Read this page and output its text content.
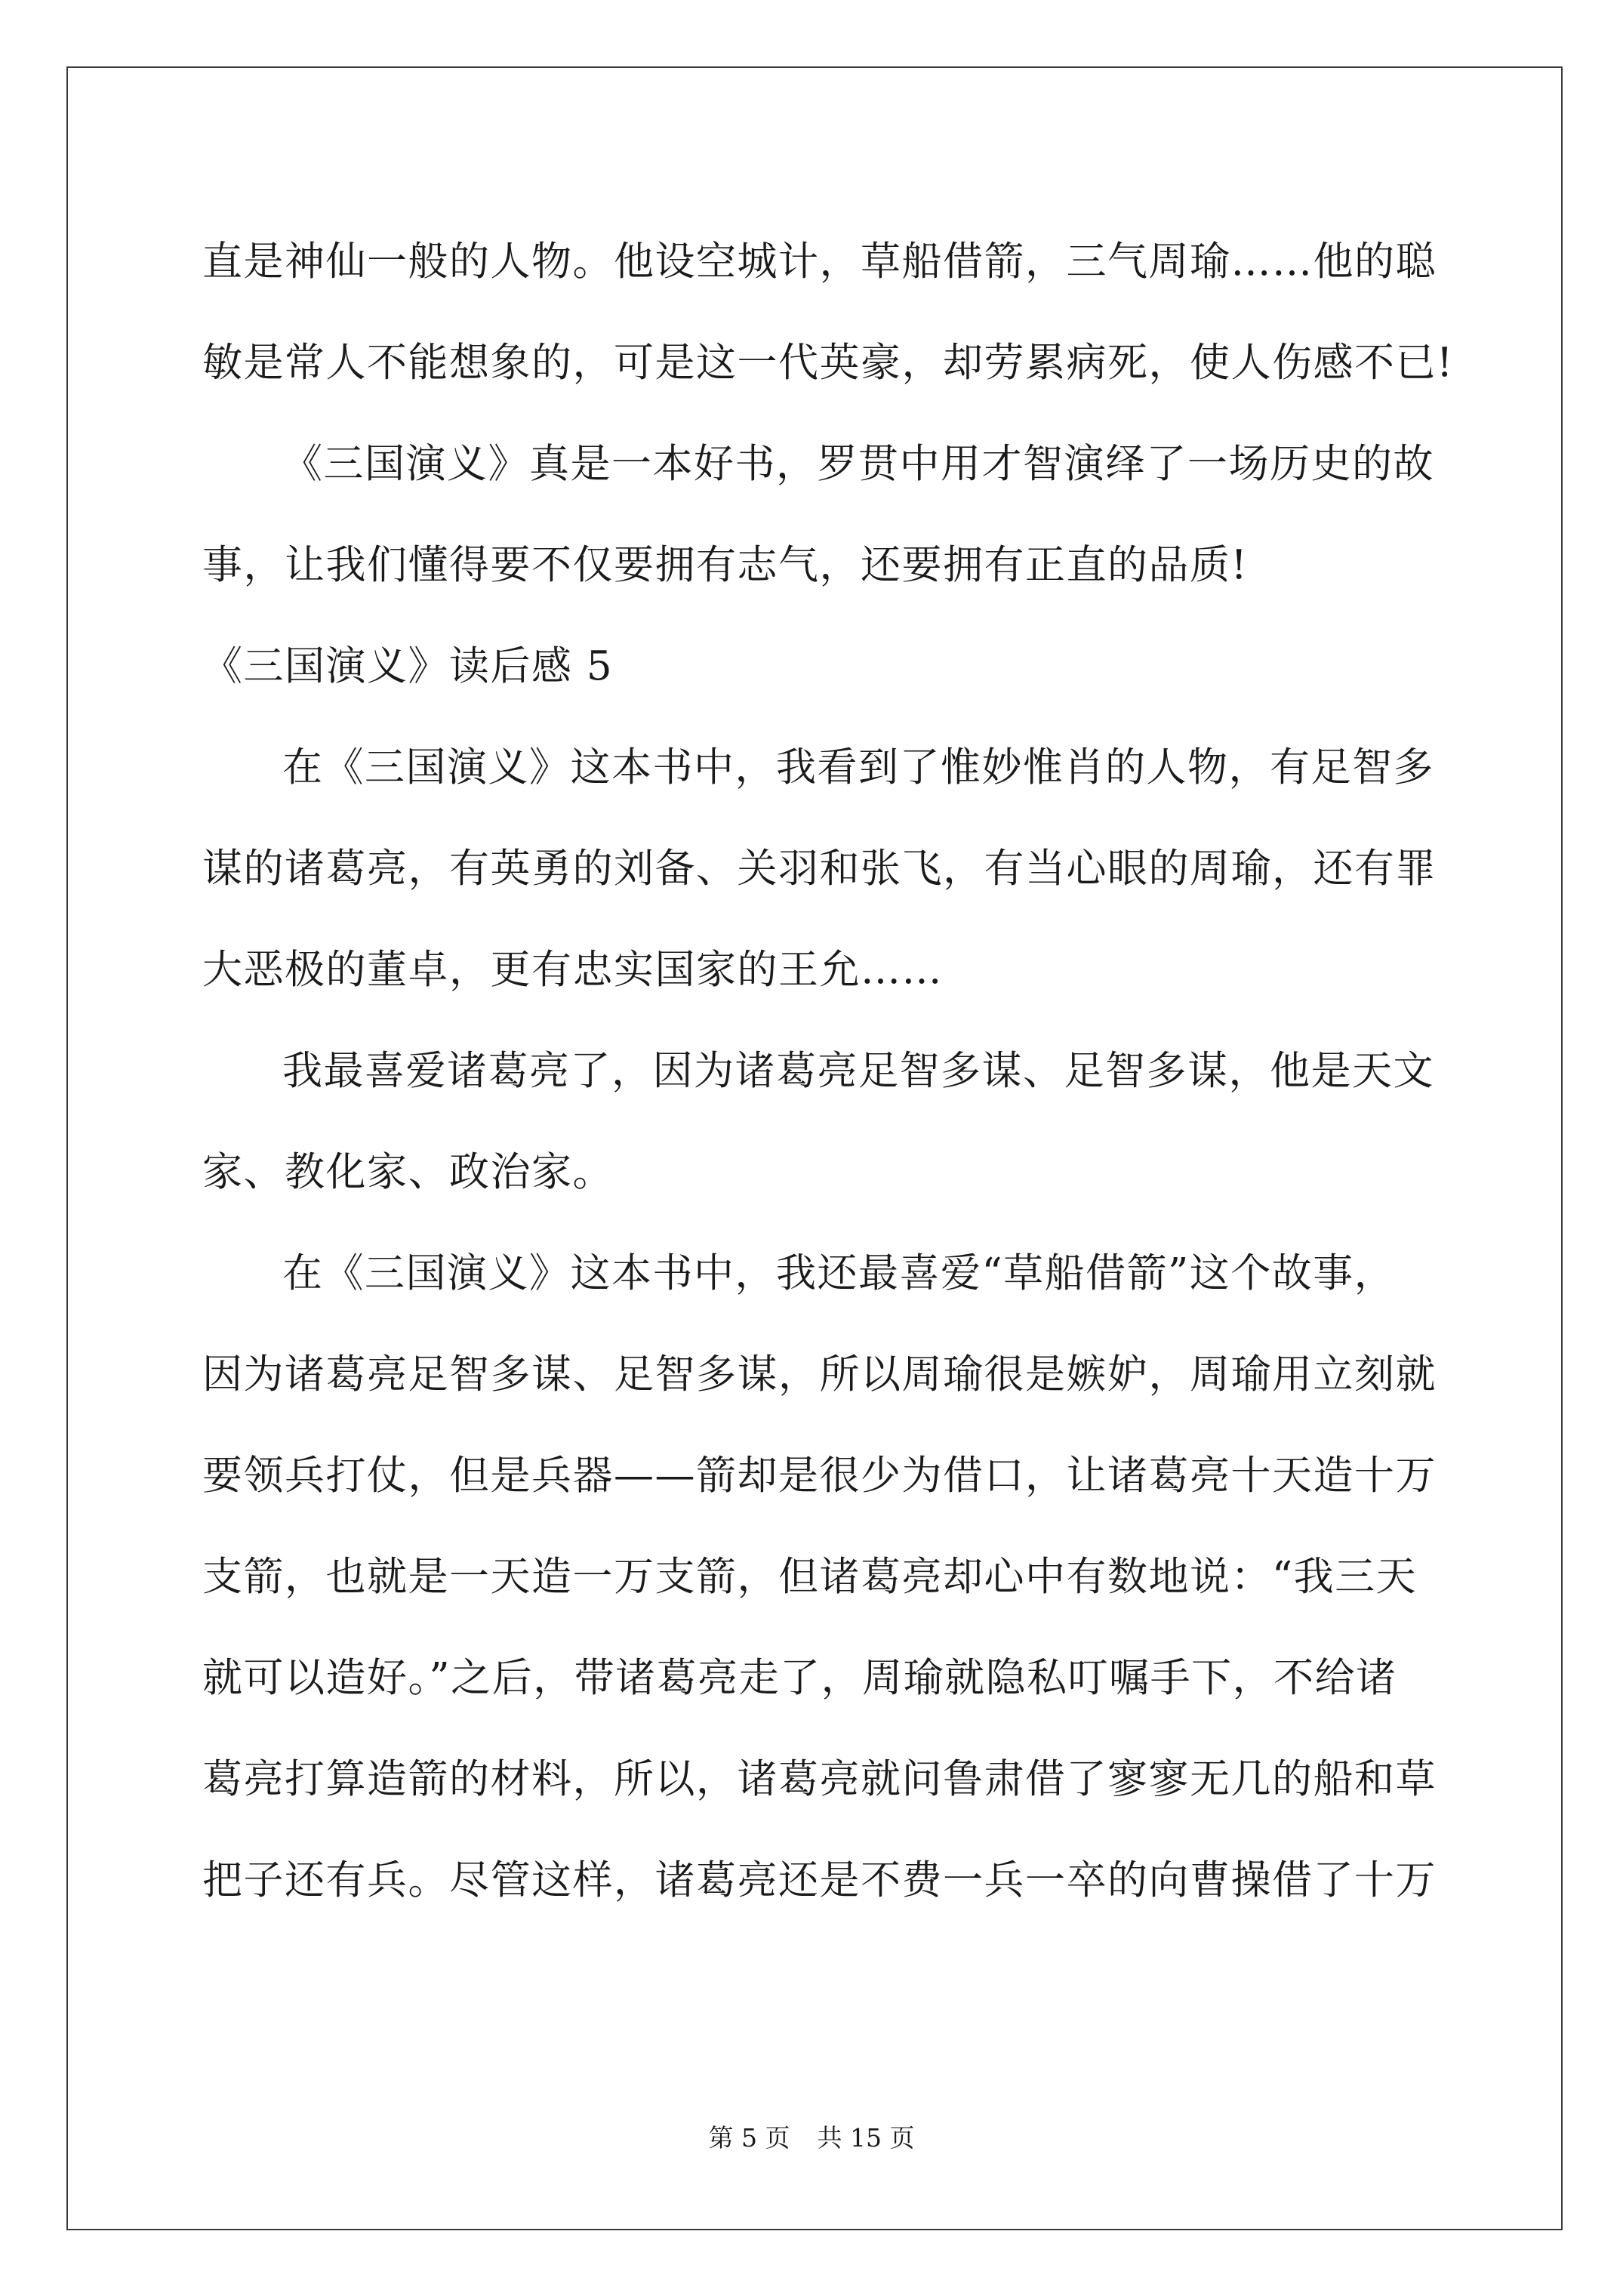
直是神仙一般的人物。他设空城计，草船借箭，三气周瑜……他的聪
敏是常人不能想象的，可是这一代英豪，却劳累病死，使人伤感不已!
《三国演义》真是一本好书，罗贯中用才智演绎了一场历史的故
事，让我们懂得要不仅要拥有志气，还要拥有正直的品质!
《三国演义》读后感 5
在《三国演义》这本书中，我看到了惟妙惟肖的人物，有足智多
谋的诸葛亮，有英勇的刘备、关羽和张飞，有当心眼的周瑜，还有罪
大恶极的董卓，更有忠实国家的王允……
我最喜爱诸葛亮了，因为诸葛亮足智多谋、足智多谋，他是天文
家、教化家、政治家。
在《三国演义》这本书中，我还最喜爱“草船借箭”这个故事，
因为诸葛亮足智多谋、足智多谋，所以周瑜很是嫉妒，周瑜用立刻就
要领兵打仗，但是兵器——箭却是很少为借口，让诸葛亮十天造十万
支箭，也就是一天造一万支箭，但诸葛亮却心中有数地说：“我三天
就可以造好。”之后，带诸葛亮走了，周瑜就隐私叮嘱手下，不给诸
葛亮打算造箭的材料，所以，诸葛亮就问鲁肃借了寥寥无几的船和草
把子还有兵。尽管这样，诸葛亮还是不费一兵一卒的向曹操借了十万
第 5 页 共 15 页
